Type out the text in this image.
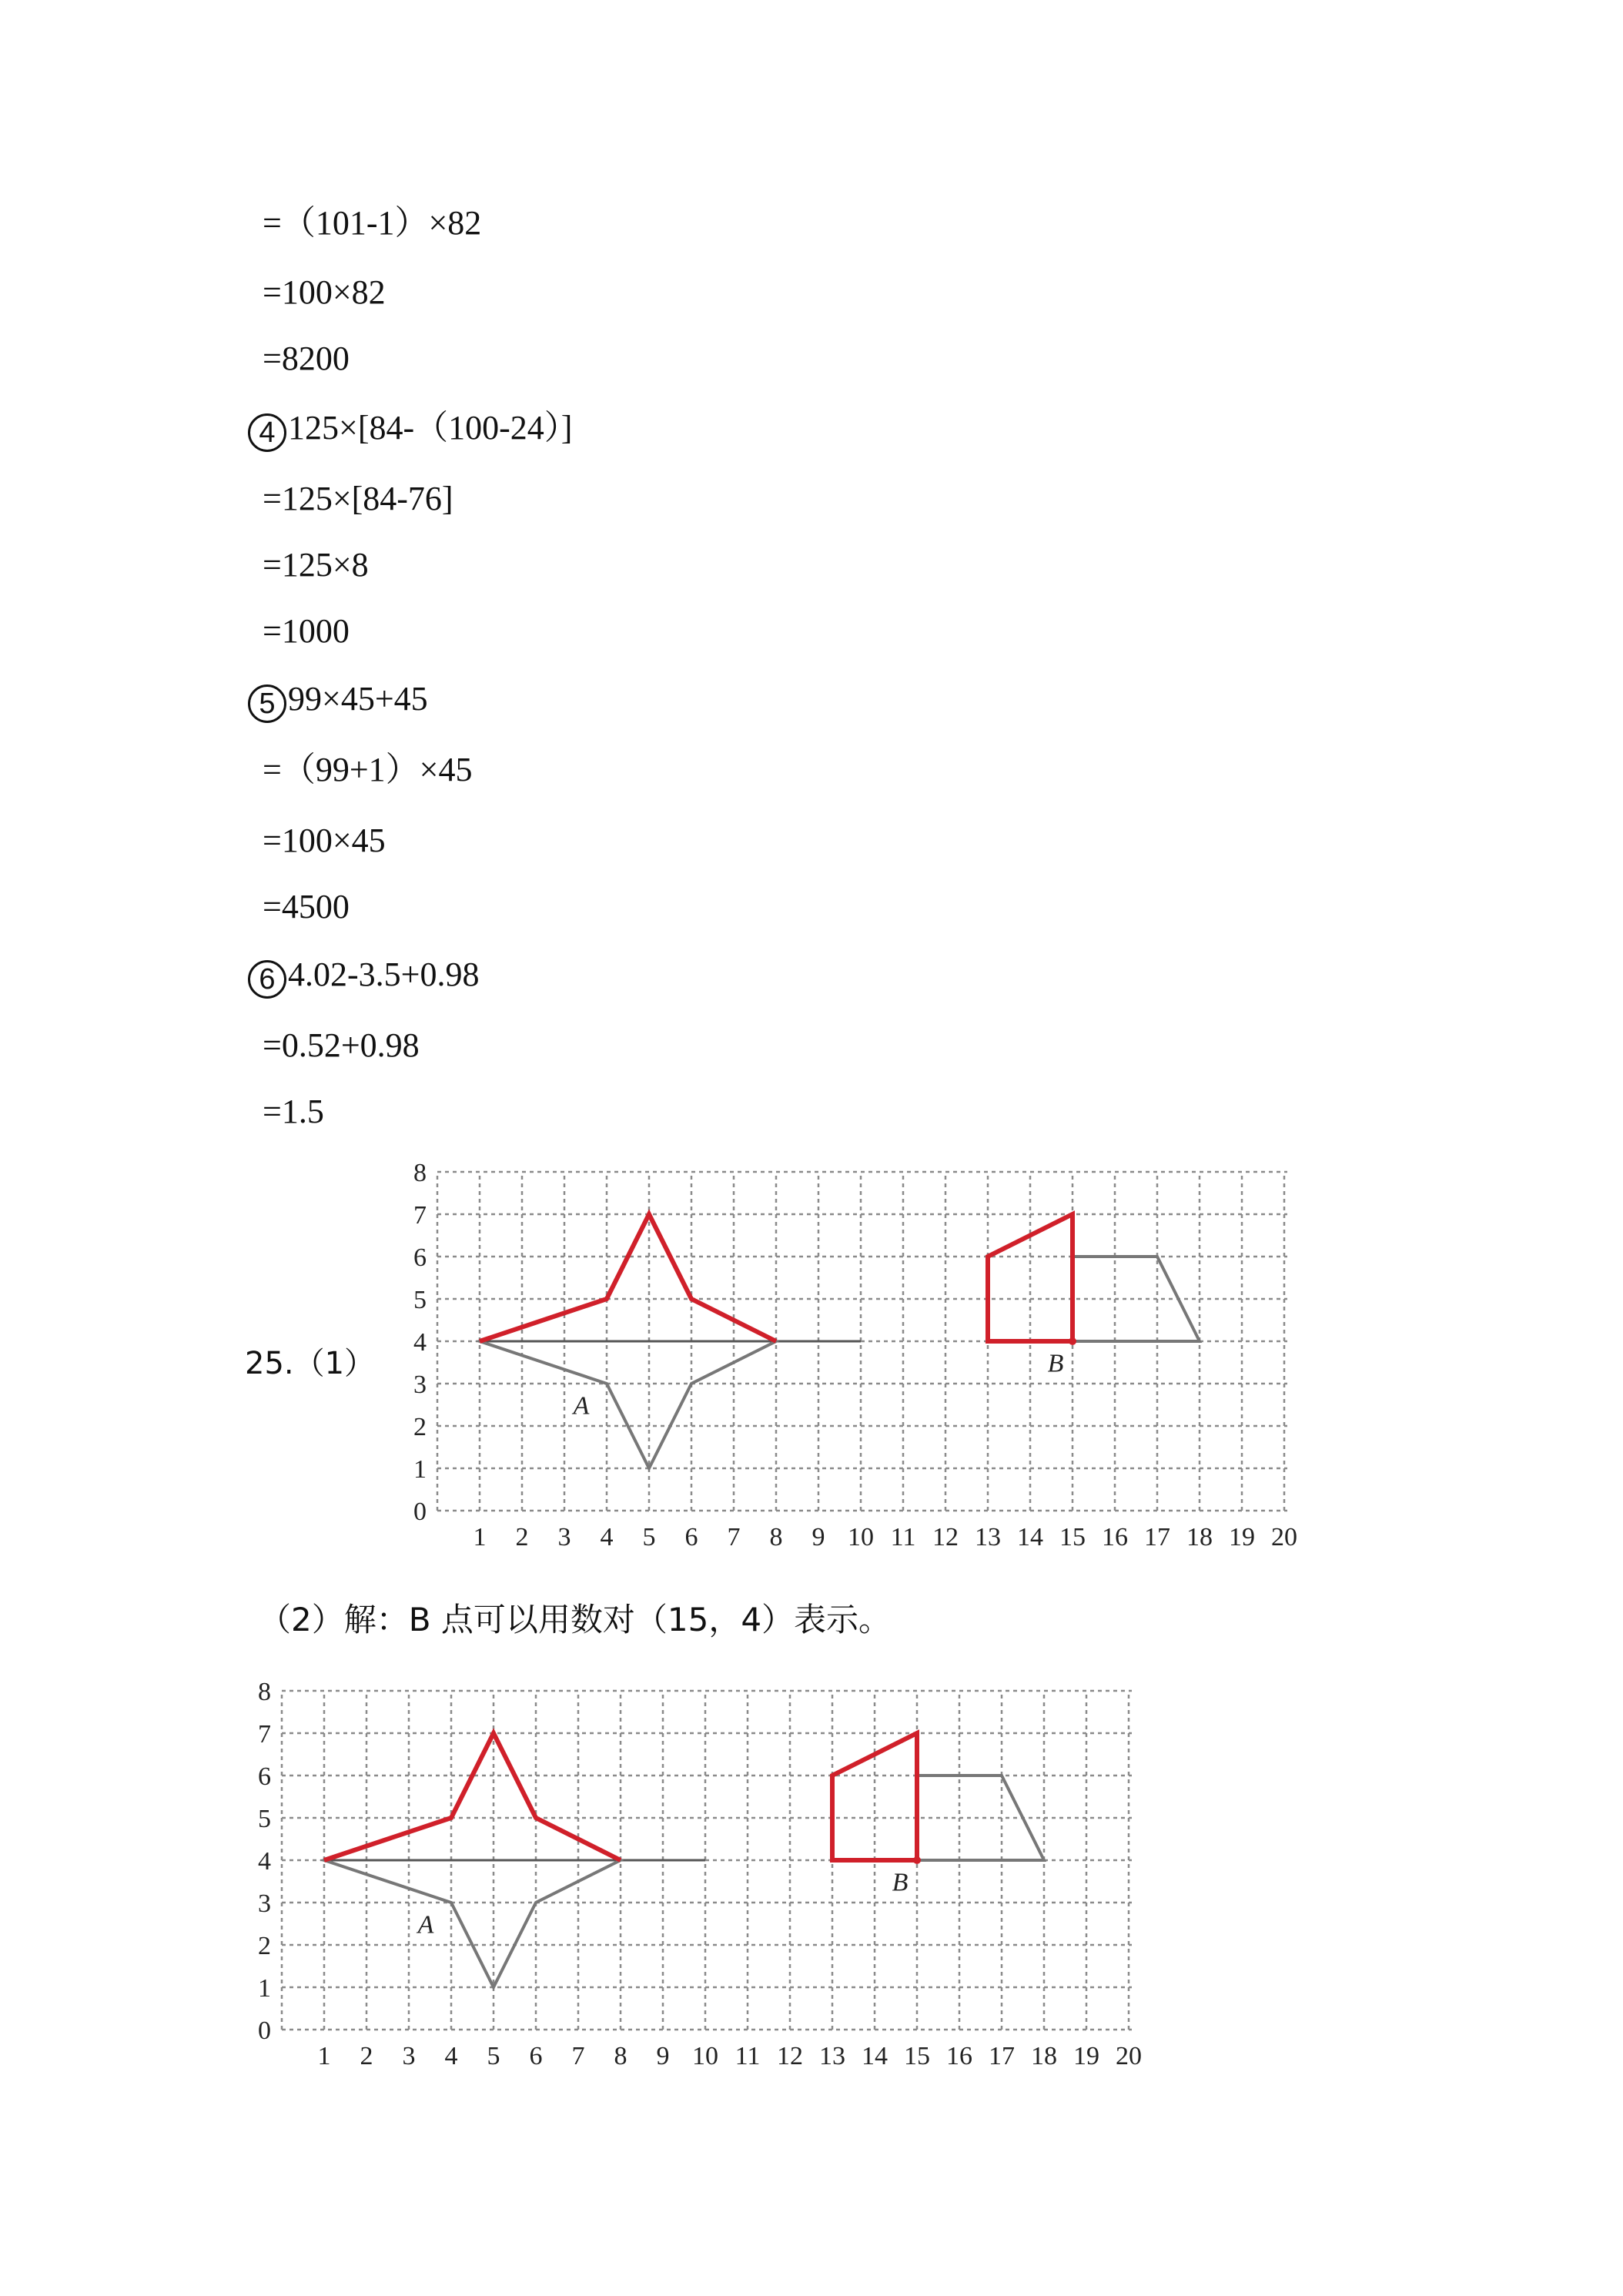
=（101-1）×82
=100×82
=8200
4 125×[84-（100-24）]
=125×[84-76]
=125×8
=1000
5 99×45+45
=（99+1）×45
=100×45
=4500
6 4.02-3.5+0.98
=0.52+0.98
=1.5
25.（1）
1 2 3 4 5 6 7 8 9 10 11 12 13 14 15 16 17 18 19 20
0
1
2
3
4
5
6
7
8
A
B
（2）解：B 点可以用数对（15，4）表示。
1 2 3 4 5 6 7 8 9 10 11 12 13 14 15 16 17 18 19 20
0
1
2
3
4
5
6
7
8
A
B
